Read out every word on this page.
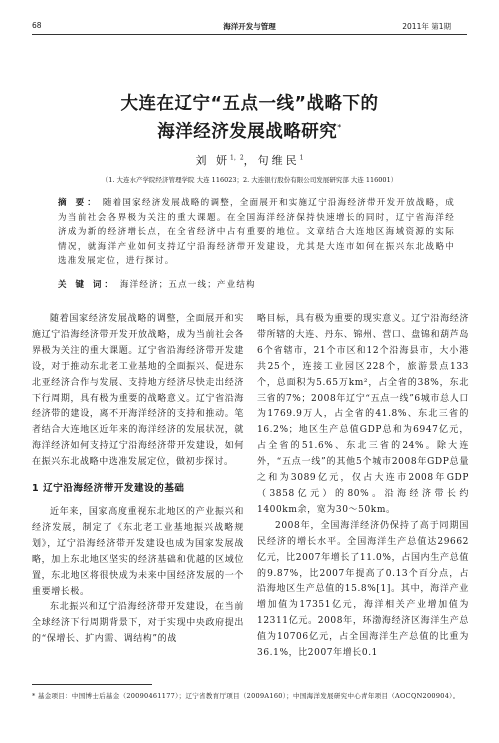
68	海洋开发与管理	2011年 第1期
大连在辽宁“五点一线”战略下的
海洋经济发展战略研究*
刘 妍$^{1,2}$，句维民$^1$
（1. 大连水产学院经济管理学院 大连 116023；2. 大连银行股份有限公司发展研究部 大连 116001）
摘 要： 随着国家经济发展战略的调整，全面展开和实施辽宁沿海经济带开发开放战略，成为当前社会各界极为关注的重大课题。在全国海洋经济保持快速增长的同时，辽宁省海洋经济成为新的经济增长点，在全省经济中占有重要的地位。文章结合大连地区海域资源的实际情况，就海洋产业如何支持辽宁沿海经济带开发建设，尤其是大连市如何在振兴东北战略中选准发展定位，进行探讨。
关 键 词： 海洋经济；五点一线；产业结构

随着国家经济发展战略的调整，全面展开和实施辽宁沿海经济带开发开放战略，成为当前社会各界极为关注的重大课题。辽宁省沿海经济带开发建设，对于推动东北老工业基地的全面振兴、促进东北亚经济合作与发展、支持地方经济尽快走出经济下行周期，具有极为重要的战略意义。辽宁省沿海经济带的建设，离不开海洋经济的支持和推动。笔者结合大连地区近年来的海洋经济的发展状况，就海洋经济如何支持辽宁沿海经济带开发建设，如何在振兴东北战略中选准发展定位，做初步探讨。

1 辽宁沿海经济带开发建设的基础

近年来，国家高度重视东北地区的产业振兴和经济发展，制定了《东北老工业基地振兴战略规划》，辽宁沿海经济带开发建设也成为国家发展战略，加上东北地区坚实的经济基础和优越的区域位置，东北地区将很快成为未来中国经济发展的一个重要增长极。

东北振兴和辽宁沿海经济带开发建设，在当前全球经济下行周期背景下，对于实现中央政府提出的“保增长、扩内需、调结构”的战

略目标，具有极为重要的现实意义。辽宁沿海经济带所辖的大连、丹东、锦州、营口、盘锦和葫芦岛6个省辖市，21个市区和12个沿海县市，大小港共25个，连接工业园区228个，旅游景点133个，总面积为5.65万km²，占全省的38%，东北三省的7%；2008年辽宁“五点一线”6城市总人口为1769.9万人，占全省的41.8%、东北三省的16.2%；地区生产总值GDP总和为6947亿元，占全省的51.6%、东北三省的24%。除大连外，“五点一线”的其他5个城市2008年GDP总量之和为3089亿元，仅占大连市2008年GDP（3858亿元）的80%。沿海经济带长约1400km余，宽为30～50km。

2008年，全国海洋经济仍保持了高于同期国民经济的增长水平。全国海洋生产总值达29662亿元，比2007年增长了11.0%，占国内生产总值的9.87%，比2007年提高了0.13个百分点，占沿海地区生产总值的15.8%[1]。其中，海洋产业增加值为17351亿元，海洋相关产业增加值为12311亿元。2008年，环渤海经济区海洋生产总值为10706亿元，占全国海洋生产总值的比重为36.1%，比2007年增长0.1

* 基金项目：中国博士后基金（20090461177）；辽宁省教育厅项目（2009A160）；中国海洋发展研究中心青年项目（AOCQN200904）。
